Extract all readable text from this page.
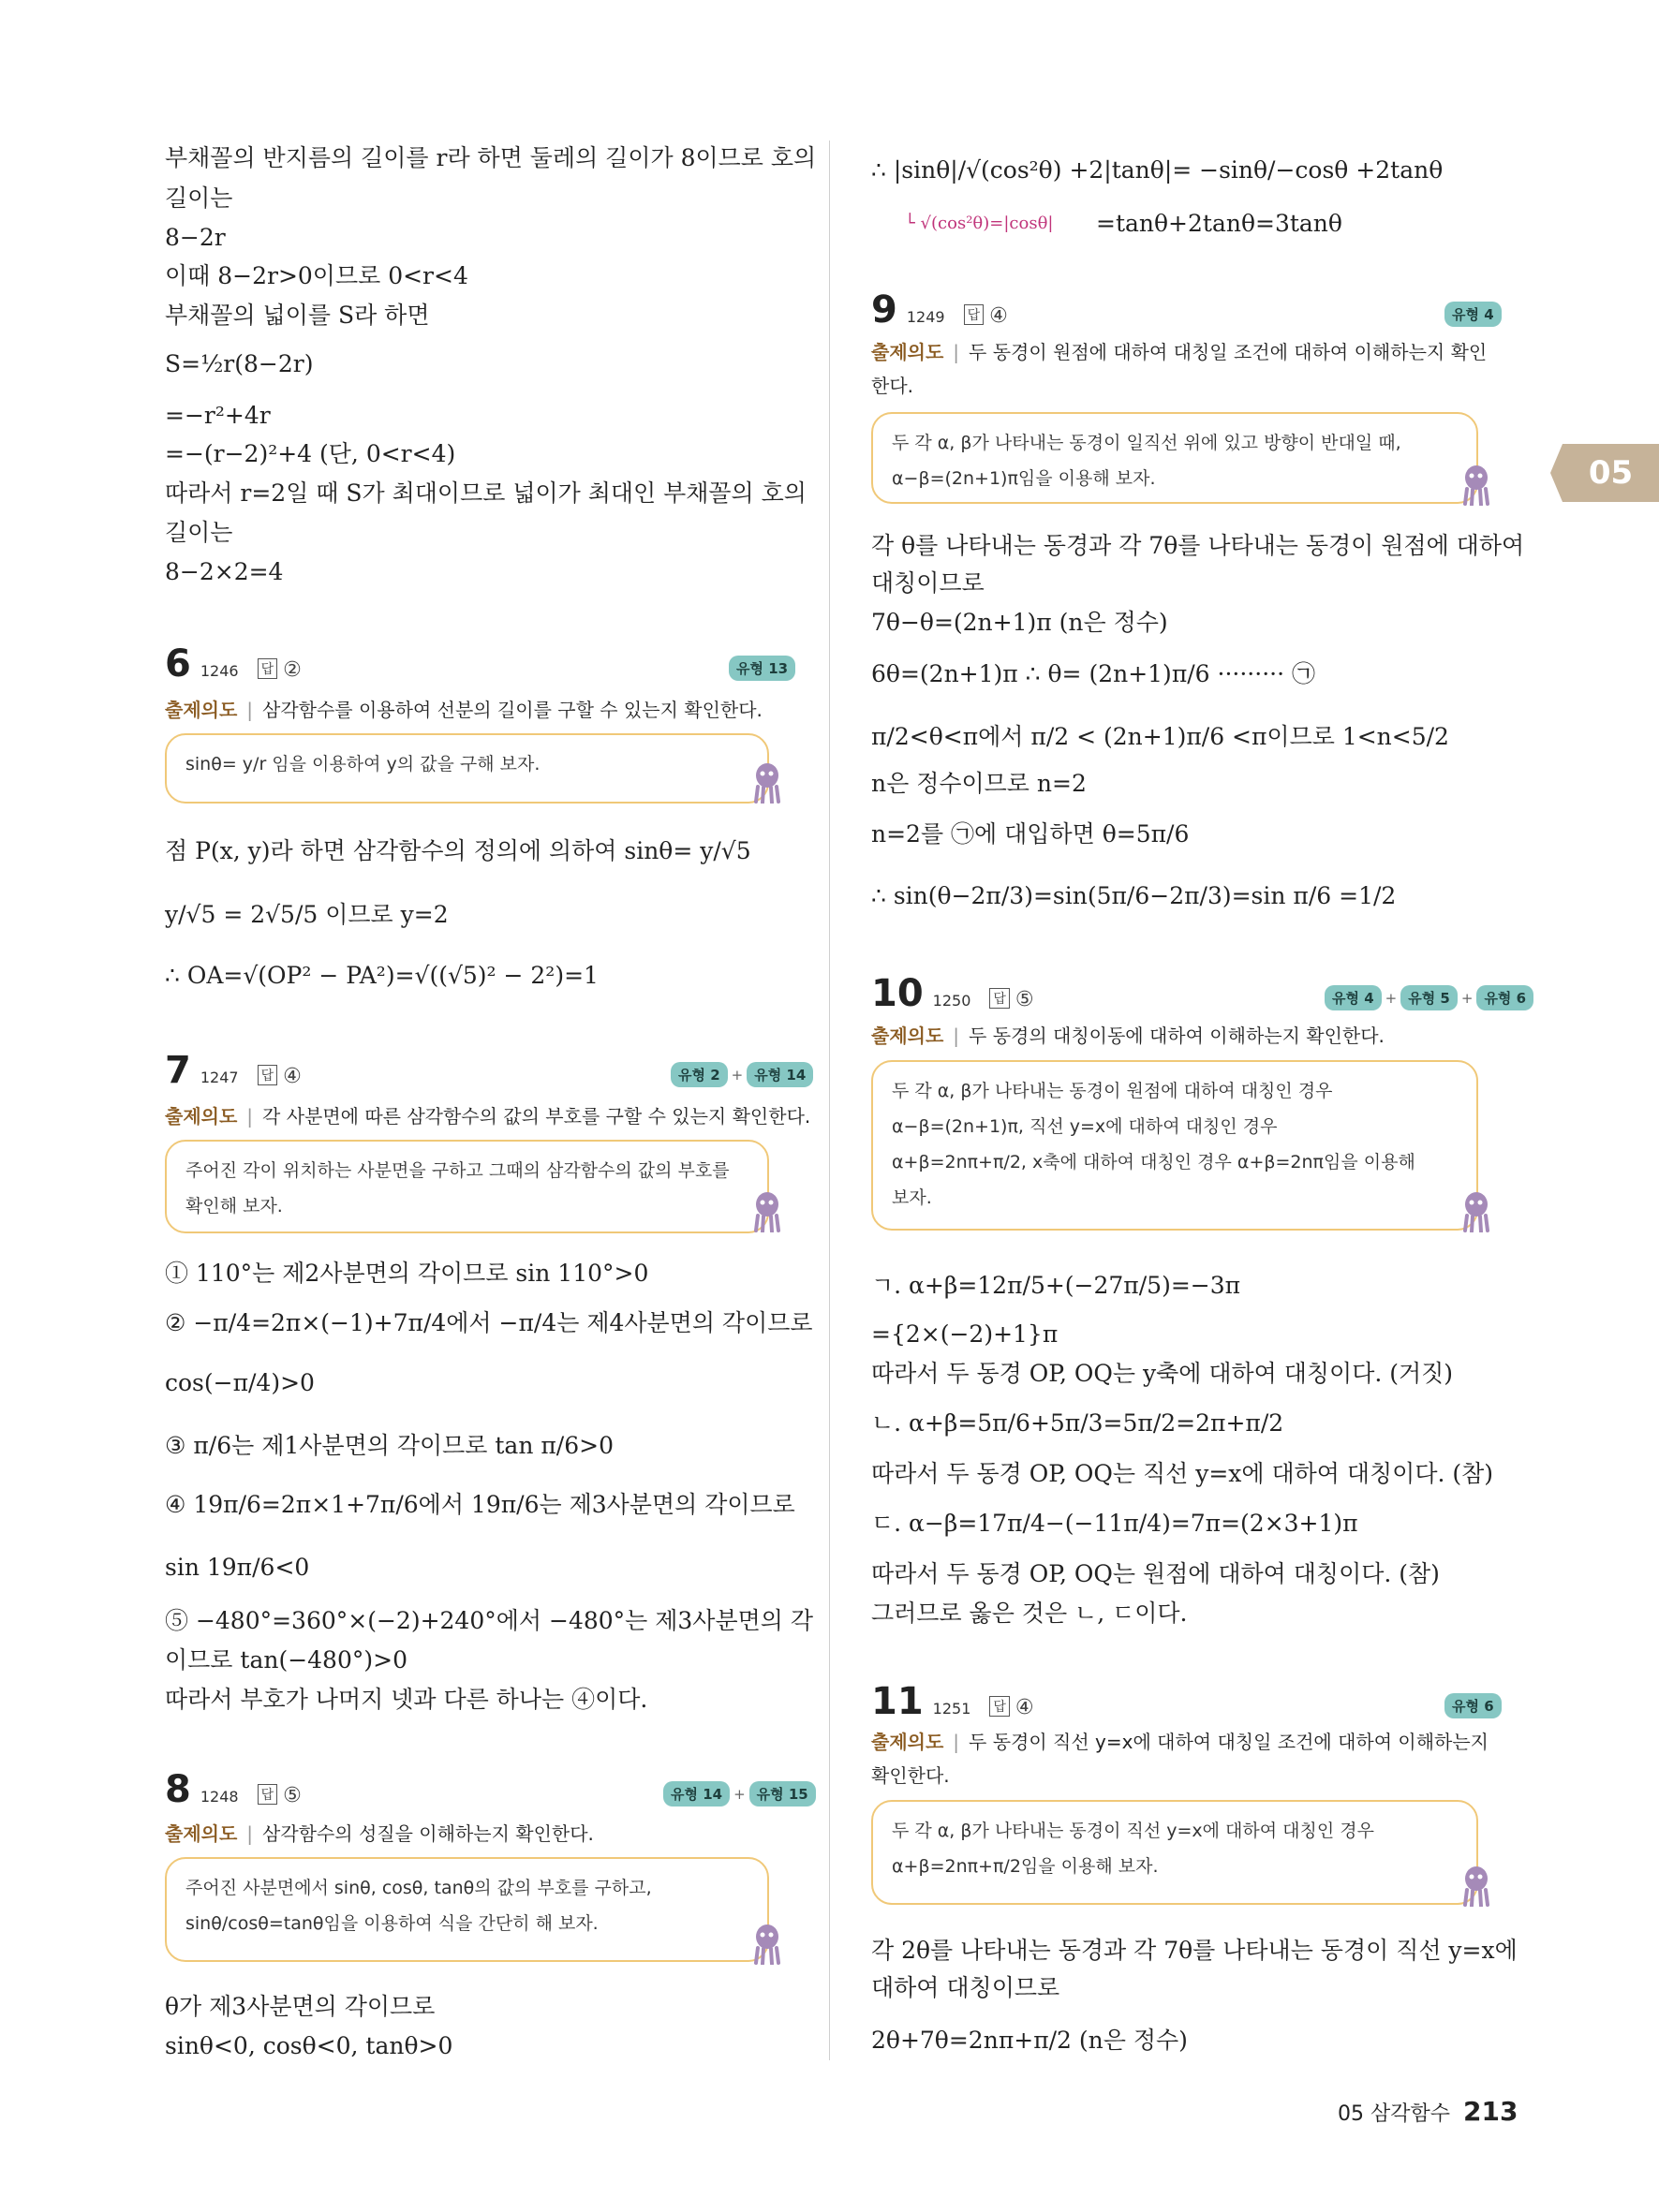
05
부채꼴의 반지름의 길이를 r라 하면 둘레의 길이가 8이므로 호의
길이는
8−2r
이때 8−2r>0이므로 0<r<4
부채꼴의 넓이를 S라 하면
S=½r(8−2r)
=−r²+4r
=−(r−2)²+4 (단, 0<r<4)
따라서 r=2일 때 S가 최대이므로 넓이가 최대인 부채꼴의 호의
길이는
8−2×2=4
6 1246 답 ②	유형 13
출제의도 | 삼각함수를 이용하여 선분의 길이를 구할 수 있는지 확인한다.
sinθ= y/r 임을 이용하여 y의 값을 구해 보자.
점 P(x, y)라 하면 삼각함수의 정의에 의하여 sinθ= y/√5
y/√5 = 2√5/5 이므로 y=2
∴ OA=√(OP² − PA²)=√((√5)² − 2²)=1
7 1247 답 ④	유형 2 + 유형 14
출제의도 | 각 사분면에 따른 삼각함수의 값의 부호를 구할 수 있는지 확인한다.
주어진 각이 위치하는 사분면을 구하고 그때의 삼각함수의 값의 부호를
확인해 보자.
① 110°는 제2사분면의 각이므로 sin 110°>0
② −π/4=2π×(−1)+7π/4에서 −π/4는 제4사분면의 각이므로
cos(−π/4)>0
③ π/6는 제1사분면의 각이므로 tan π/6>0
④ 19π/6=2π×1+7π/6에서 19π/6는 제3사분면의 각이므로
sin 19π/6<0
⑤ −480°=360°×(−2)+240°에서 −480°는 제3사분면의 각
이므로 tan(−480°)>0
따라서 부호가 나머지 넷과 다른 하나는 ④이다.
8 1248 답 ⑤	유형 14 + 유형 15
출제의도 | 삼각함수의 성질을 이해하는지 확인한다.
주어진 사분면에서 sinθ, cosθ, tanθ의 값의 부호를 구하고,
sinθ/cosθ=tanθ임을 이용하여 식을 간단히 해 보자.
θ가 제3사분면의 각이므로
sinθ<0, cosθ<0, tanθ>0
∴ |sinθ|/√(cos²θ) +2|tanθ|= −sinθ/−cosθ +2tanθ
└ √(cos²θ)=|cosθ| =tanθ+2tanθ=3tanθ
9 1249 답 ④	유형 4
출제의도 | 두 동경이 원점에 대하여 대칭일 조건에 대하여 이해하는지 확인
한다.
두 각 α, β가 나타내는 동경이 일직선 위에 있고 방향이 반대일 때,
α−β=(2n+1)π임을 이용해 보자.
각 θ를 나타내는 동경과 각 7θ를 나타내는 동경이 원점에 대하여
대칭이므로
7θ−θ=(2n+1)π (n은 정수)
6θ=(2n+1)π ∴ θ= (2n+1)π/6 ········· ㉠
π/2<θ<π에서 π/2 < (2n+1)π/6 <π이므로 1<n<5/2
n은 정수이므로 n=2
n=2를 ㉠에 대입하면 θ=5π/6
∴ sin(θ−2π/3)=sin(5π/6−2π/3)=sin π/6 =1/2
10 1250 답 ⑤	유형 4 + 유형 5 + 유형 6
출제의도 | 두 동경의 대칭이동에 대하여 이해하는지 확인한다.
두 각 α, β가 나타내는 동경이 원점에 대하여 대칭인 경우
α−β=(2n+1)π, 직선 y=x에 대하여 대칭인 경우
α+β=2nπ+π/2, x축에 대하여 대칭인 경우 α+β=2nπ임을 이용해
보자.
ㄱ. α+β=12π/5+(−27π/5)=−3π
={2×(−2)+1}π
따라서 두 동경 OP, OQ는 y축에 대하여 대칭이다. (거짓)
ㄴ. α+β=5π/6+5π/3=5π/2=2π+π/2
따라서 두 동경 OP, OQ는 직선 y=x에 대하여 대칭이다. (참)
ㄷ. α−β=17π/4−(−11π/4)=7π=(2×3+1)π
따라서 두 동경 OP, OQ는 원점에 대하여 대칭이다. (참)
그러므로 옳은 것은 ㄴ, ㄷ이다.
11 1251 답 ④	유형 6
출제의도 | 두 동경이 직선 y=x에 대하여 대칭일 조건에 대하여 이해하는지
확인한다.
두 각 α, β가 나타내는 동경이 직선 y=x에 대하여 대칭인 경우
α+β=2nπ+π/2임을 이용해 보자.
각 2θ를 나타내는 동경과 각 7θ를 나타내는 동경이 직선 y=x에
대하여 대칭이므로
2θ+7θ=2nπ+π/2 (n은 정수)
05 삼각함수 213
